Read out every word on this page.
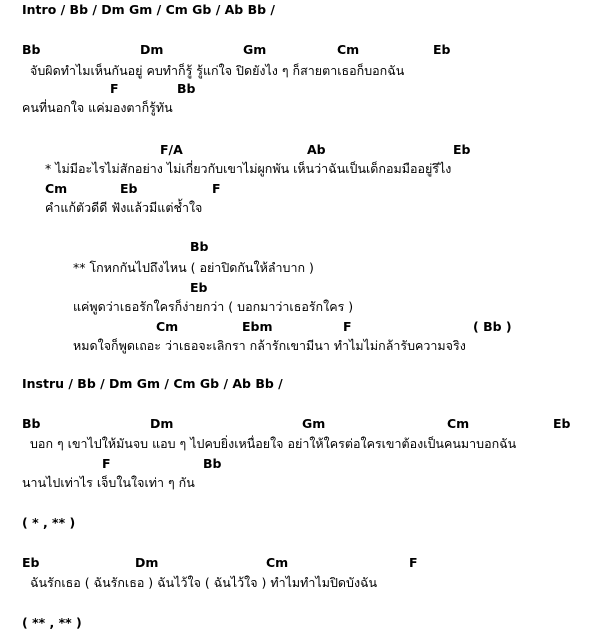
Intro / Bb / Dm Gm / Cm Gb / Ab Bb /
Bb	Dm	Gm	Cm	Eb
จับผิดทำไมเห็นกันอยู่ คบทำก็รู้ รู้แก่ใจ ปิดยังไง ๆ ก็สายตาเธอก็บอกฉัน
F	Bb
คนที่นอกใจ แค่มองตาก็รู้ทัน
F/A	Ab	Eb
* ไม่มีอะไรไม่สักอย่าง ไม่เกี่ยวกับเขาไม่ผูกพัน เห็นว่าฉันเป็นเด็กอมมืออยู่รึไง
Cm	Eb	F
คำแก้ตัวดีดี ฟังแล้วมีแต่ช้ำใจ
Bb
** โกหกกันไปถึงไหน ( อย่าปิดกันให้ลำบาก )
Eb
แค่พูดว่าเธอรักใครก็ง่ายกว่า ( บอกมาว่าเธอรักใคร )
Cm	Ebm	F	( Bb )
หมดใจก็พูดเถอะ ว่าเธอจะเลิกรา กล้ารักเขามีนา ทำไมไม่กล้ารับความจริง
Instru / Bb / Dm Gm / Cm Gb / Ab Bb /
Bb	Dm	Gm	Cm	Eb
บอก ๆ เขาไปให้มันจบ แอบ ๆ ไปคบยิ่งเหนื่อยใจ อย่าให้ใครต่อใครเขาต้องเป็นคนมาบอกฉัน
F	Bb
นานไปเท่าไร เจ็บในใจเท่า ๆ กัน
( * , ** )
Eb	Dm	Cm	F
ฉันรักเธอ ( ฉันรักเธอ ) ฉันไว้ใจ ( ฉันไว้ใจ ) ทำไมทำไมปิดบังฉัน
( ** , ** )
